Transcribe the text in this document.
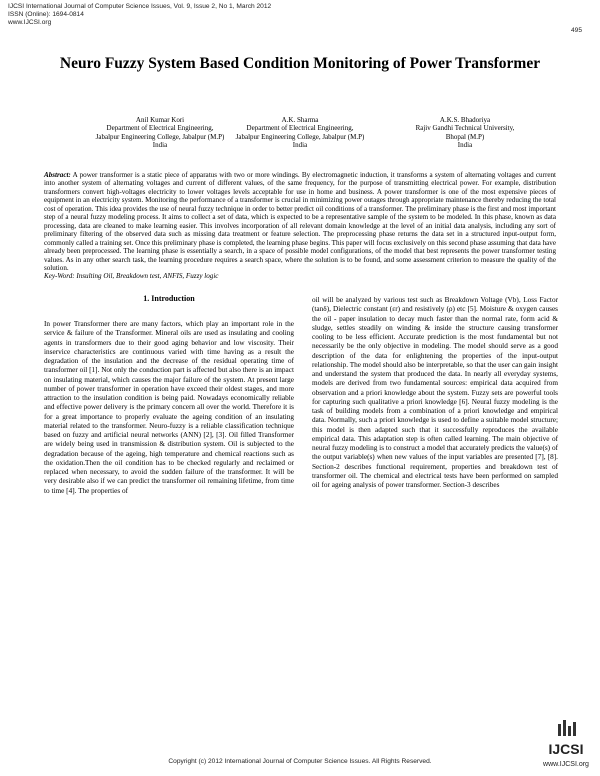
IJCSI International Journal of Computer Science Issues, Vol. 9, Issue 2, No 1, March 2012
ISSN (Online): 1694-0814
www.IJCSI.org
495
Neuro Fuzzy System Based Condition Monitoring of Power Transformer
Anil Kumar Kori
Department of Electrical Engineering,
Jabalpur Engineering College, Jabalpur (M.P)
India
A.K. Sharma
Department of Electrical Engineering,
Jabalpur Engineering College, Jabalpur (M.P)
India
A.K.S. Bhadoriya
Rajiv Gandhi Technical University,
Bhopal (M.P)
India
Abstract: A power transformer is a static piece of apparatus with two or more windings. By electromagnetic induction, it transforms a system of alternating voltages and current into another system of alternating voltages and current of different values, of the same frequency, for the purpose of transmitting electrical power. For example, distribution transformers convert high-voltages electricity to lower voltages levels acceptable for use in home and business. A power transformer is one of the most expensive pieces of equipment in an electricity system. Monitoring the performance of a transformer is crucial in minimizing power outages through appropriate maintenance thereby reducing the total cost of operation. This idea provides the use of neural fuzzy technique in order to better predict oil conditions of a transformer. The preliminary phase is the first and most important step of a neural fuzzy modeling process. It aims to collect a set of data, which is expected to be a representative sample of the system to be modeled. In this phase, known as data processing, data are cleaned to make learning easier. This involves incorporation of all relevant domain knowledge at the level of an initial data analysis, including any sort of preliminary filtering of the observed data such as missing data treatment or feature selection. The preprocessing phase returns the data set in a structured input-output form, commonly called a training set. Once this preliminary phase is completed, the learning phase begins. This paper will focus exclusively on this second phase assuming that data have already been preprocessed. The learning phase is essentially a search, in a space of possible model configurations, of the model that best represents the power transformer testing values. As in any other search task, the learning procedure requires a search space, where the solution is to be found, and some assessment criterion to measure the quality of the solution.
Key-Word: Insulting Oil, Breakdown test, ANFIS, Fuzzy logic
1. Introduction
In power Transformer there are many factors, which play an important role in the service & failure of the Transformer. Mineral oils are used as insulating and cooling agents in transformers due to their good aging behavior and low viscosity. Their inservice characteristics are continuous varied with time having as a result the degradation of the insulation and the decrease of the residual operating time of transformer oil [1]. Not only the conduction part is affected but also there is an impact on insulating material, which causes the major failure of the system. At present large number of power transformer in operation have exceed their oldest stages, and more attraction to the insulation condition is being paid. Nowadays economically reliable and effective power delivery is the primary concern all over the world. Therefore it is for a great importance to properly evaluate the ageing condition of an insulating material related to the transformer. Neuro-fuzzy is a reliable classification technique based on fuzzy and artificial neural networks (ANN) [2], [3]. Oil filled Transformer are widely being used in transmission & distribution system. Oil is subjected to the degradation because of the ageing, high temperature and chemical reactions such as the oxidation.Then the oil condition has to be checked regularly and reclaimed or replaced when necessary, to avoid the sudden failure of the transformer. It will be very desirable also if we can predict the transformer oil remaining lifetime, from time to time [4]. The properties of
oil will be analyzed by various test such as Breakdown Voltage (Vb), Loss Factor (tanδ), Dielectric constant (εr) and resistively (ρ) etc [5]. Moisture & oxygen causes the oil - paper insulation to decay much faster than the normal rate, form acid & sludge, settles steadily on winding & inside the structure causing transformer cooling to be less efficient. Accurate prediction is the most fundamental but not necessarily be the only objective in modeling. The model should serve as a good description of the data for enlightening the properties of the input-output relationship. The model should also be interpretable, so that the user can gain insight and understand the system that produced the data. In nearly all everyday systems, models are derived from two fundamental sources: empirical data acquired from observation and a priori knowledge about the system. Fuzzy sets are powerful tools for capturing such qualitative a priori knowledge [6]. Neural fuzzy modeling is the task of building models from a combination of a priori knowledge and empirical data. Normally, such a priori knowledge is used to define a suitable model structure; this model is then adapted such that it successfully reproduces the available empirical data. This adaptation step is often called learning. The main objective of neural fuzzy modeling is to construct a model that accurately predicts the value(s) of the output variable(s) when new values of the input variables are presented [7], [8]. Section-2 describes functional requirement, properties and breakdown test of transformer oil. The chemical and electrical tests have been performed on sampled oil for ageing analysis of power transformer. Section-3 describes
Copyright (c) 2012 International Journal of Computer Science Issues. All Rights Reserved.
IJCSI
www.IJCSI.org
